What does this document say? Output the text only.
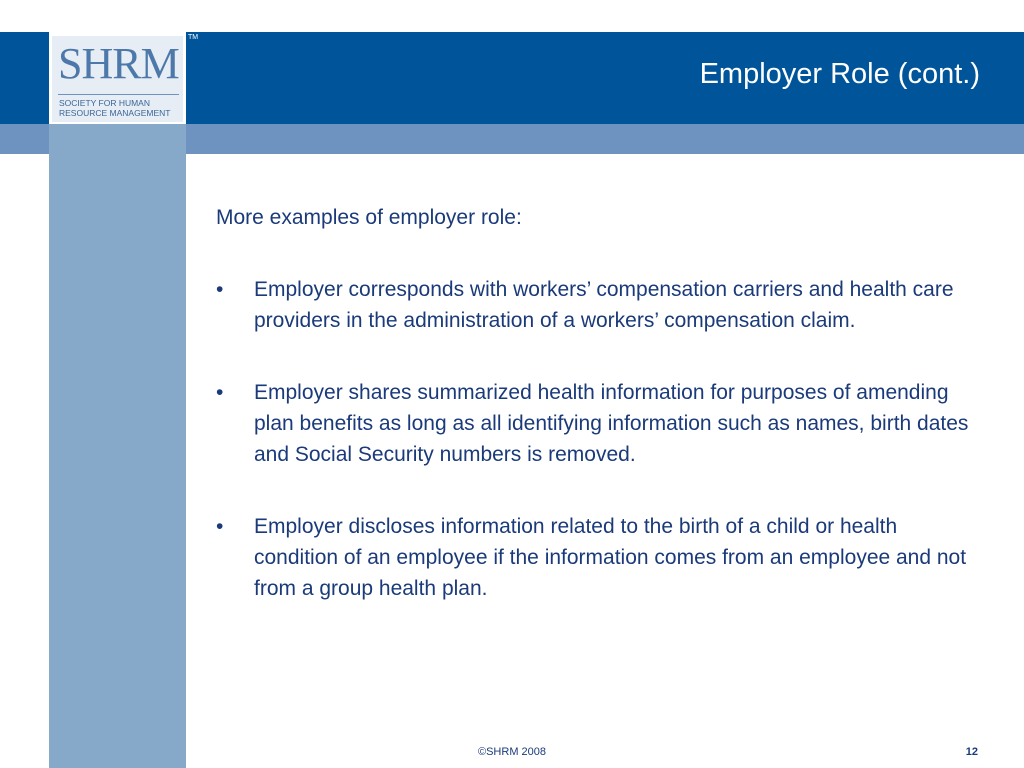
SHRM
SOCIETY FOR HUMAN
RESOURCE MANAGEMENT
TM
Employer Role (cont.)

More examples of employer role:

• Employer corresponds with workers’ compensation carriers and health care providers in the administration of a workers’ compensation claim.
• Employer shares summarized health information for purposes of amending plan benefits as long as all identifying information such as names, birth dates and Social Security numbers is removed.
• Employer discloses information related to the birth of a child or health condition of an employee if the information comes from an employee and not from a group health plan.
©SHRM 2008	12
